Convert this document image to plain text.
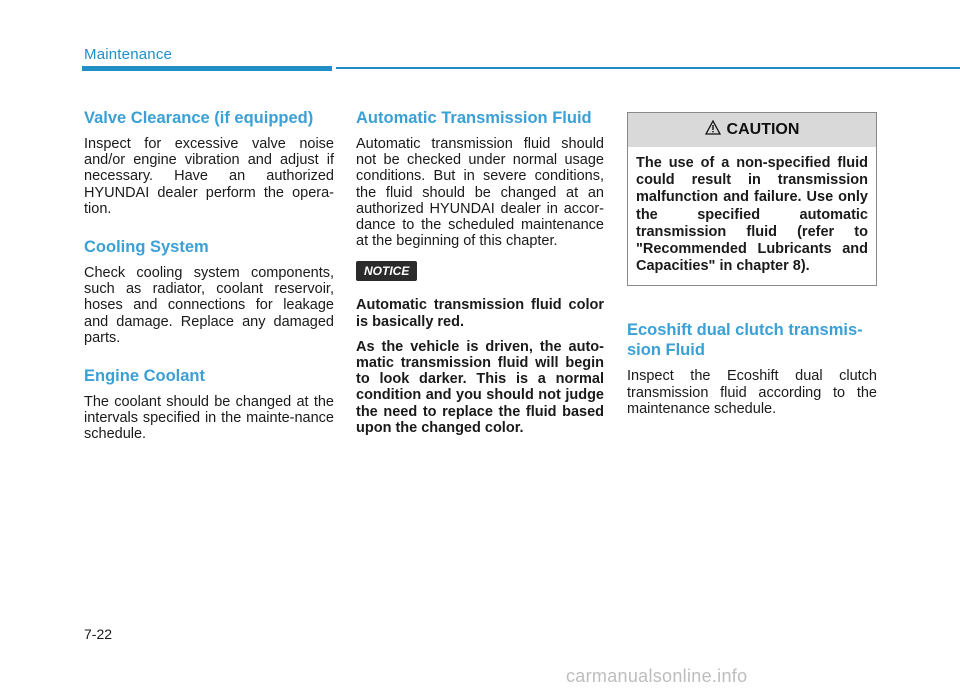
Maintenance
Valve Clearance (if equipped)

Inspect for excessive valve noise and/or engine vibration and adjust if necessary. Have an authorized HYUNDAI dealer perform the opera-tion.

Cooling System

Check cooling system components, such as radiator, coolant reservoir, hoses and connections for leakage and damage. Replace any damaged parts.

Engine Coolant

The coolant should be changed at the intervals specified in the mainte-nance schedule.

Automatic Transmission Fluid

Automatic transmission fluid should not be checked under normal usage conditions. But in severe conditions, the fluid should be changed at an authorized HYUNDAI dealer in accor-dance to the scheduled maintenance at the beginning of this chapter.

NOTICE

Automatic transmission fluid color is basically red.

As the vehicle is driven, the auto-matic transmission fluid will begin to look darker. This is a normal condition and you should not judge the need to replace the fluid based upon the changed color.

CAUTION
The use of a non-specified fluid could result in transmission malfunction and failure. Use only the specified automatic transmission fluid (refer to "Recommended Lubricants and Capacities" in chapter 8).
Ecoshift dual clutch transmis-sion Fluid

Inspect the Ecoshift dual clutch transmission fluid according to the maintenance schedule.

7-22
carmanualsonline.info
